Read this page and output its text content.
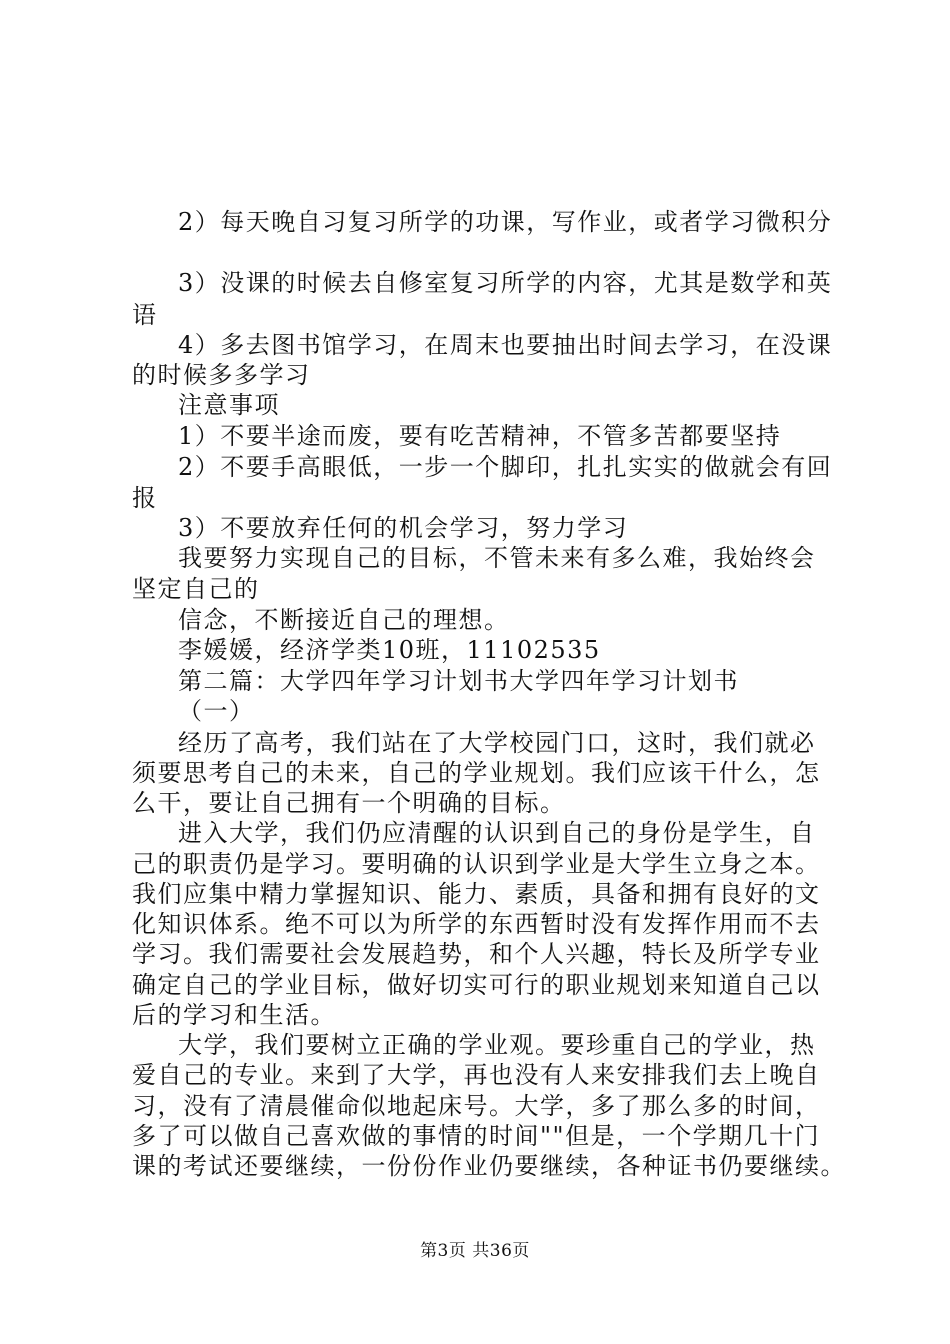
2）每天晚自习复习所学的功课，写作业，或者学习微积分
3）没课的时候去自修室复习所学的内容，尤其是数学和英
语
4）多去图书馆学习，在周末也要抽出时间去学习，在没课
的时候多多学习
注意事项
1）不要半途而废，要有吃苦精神，不管多苦都要坚持
2）不要手高眼低，一步一个脚印，扎扎实实的做就会有回
报
3）不要放弃任何的机会学习，努力学习
我要努力实现自己的目标，不管未来有多么难，我始终会
坚定自己的
信念，不断接近自己的理想。
李媛媛，经济学类10班，11102535
第二篇：大学四年学习计划书大学四年学习计划书
（一）
经历了高考，我们站在了大学校园门口，这时，我们就必
须要思考自己的未来，自己的学业规划。我们应该干什么，怎
么干，要让自己拥有一个明确的目标。
进入大学，我们仍应清醒的认识到自己的身份是学生，自
己的职责仍是学习。要明确的认识到学业是大学生立身之本。
我们应集中精力掌握知识、能力、素质，具备和拥有良好的文
化知识体系。绝不可以为所学的东西暂时没有发挥作用而不去
学习。我们需要社会发展趋势，和个人兴趣，特长及所学专业
确定自己的学业目标，做好切实可行的职业规划来知道自己以
后的学习和生活。
大学，我们要树立正确的学业观。要珍重自己的学业，热
爱自己的专业。来到了大学，再也没有人来安排我们去上晚自
习，没有了清晨催命似地起床号。大学，多了那么多的时间，
多了可以做自己喜欢做的事情的时间""但是，一个学期几十门
课的考试还要继续，一份份作业仍要继续，各种证书仍要继续。
第3页 共36页
